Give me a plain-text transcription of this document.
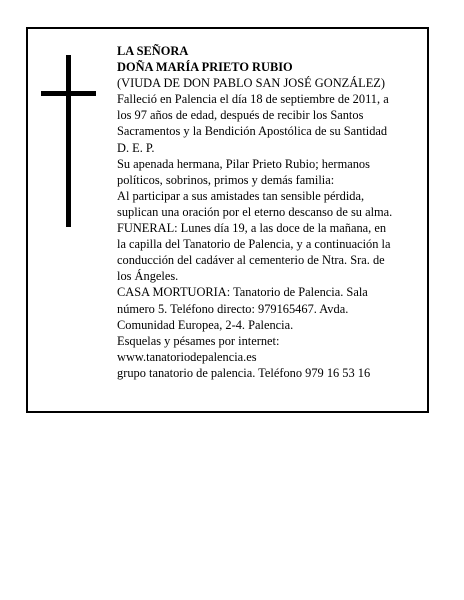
LA SEÑORA
DOÑA MARÍA PRIETO RUBIO
(VIUDA DE DON PABLO SAN JOSÉ GONZÁLEZ)
Falleció en Palencia el día 18 de septiembre de 2011, a
los 97 años de edad, después de recibir los Santos
Sacramentos y la Bendición Apostólica de su Santidad
D. E. P.
Su apenada hermana, Pilar Prieto Rubio; hermanos
políticos, sobrinos, primos y demás familia:
Al participar a sus amistades tan sensible pérdida,
suplican una oración por el eterno descanso de su alma.
FUNERAL: Lunes día 19, a las doce de la mañana, en
la capilla del Tanatorio de Palencia, y a continuación la
conducción del cadáver al cementerio de Ntra. Sra. de
los Ángeles.
CASA MORTUORIA: Tanatorio de Palencia. Sala
número 5. Teléfono directo: 979165467. Avda.
Comunidad Europea, 2-4. Palencia.
Esquelas y pésames por internet:
www.tanatoriodepalencia.es
grupo tanatorio de palencia. Teléfono 979 16 53 16
